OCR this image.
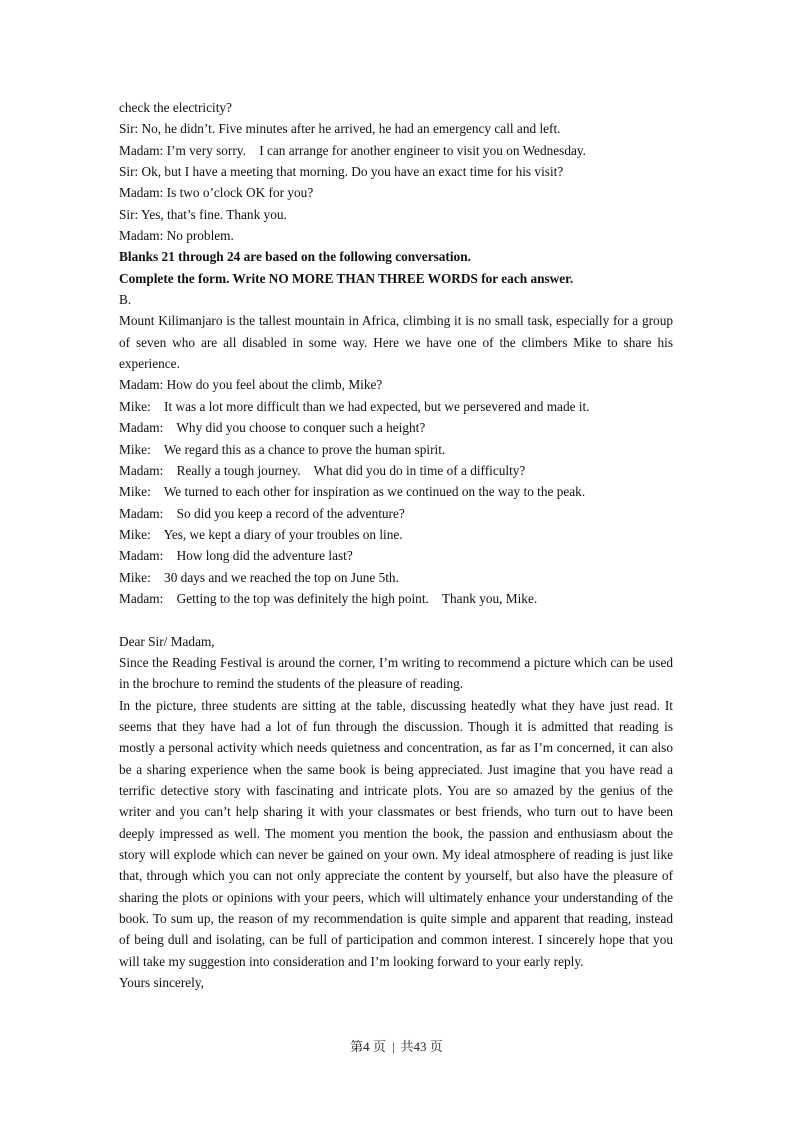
check the electricity?
Sir: No, he didn’t. Five minutes after he arrived, he had an emergency call and left.
Madam: I’m very sorry.    I can arrange for another engineer to visit you on Wednesday.
Sir: Ok, but I have a meeting that morning. Do you have an exact time for his visit?
Madam: Is two o’clock OK for you?
Sir: Yes, that’s fine. Thank you.
Madam: No problem.
Blanks 21 through 24 are based on the following conversation.
Complete the form. Write NO MORE THAN THREE WORDS for each answer.
B.
Mount Kilimanjaro is the tallest mountain in Africa, climbing it is no small task, especially for a group of seven who are all disabled in some way. Here we have one of the climbers Mike to share his experience.
Madam: How do you feel about the climb, Mike?
Mike:    It was a lot more difficult than we had expected, but we persevered and made it.
Madam:    Why did you choose to conquer such a height?
Mike:    We regard this as a chance to prove the human spirit.
Madam:    Really a tough journey.    What did you do in time of a difficulty?
Mike:    We turned to each other for inspiration as we continued on the way to the peak.
Madam:    So did you keep a record of the adventure?
Mike:    Yes, we kept a diary of your troubles on line.
Madam:    How long did the adventure last?
Mike:    30 days and we reached the top on June 5th.
Madam:    Getting to the top was definitely the high point.    Thank you, Mike.
Dear Sir/ Madam,
Since the Reading Festival is around the corner, I’m writing to recommend a picture which can be used in the brochure to remind the students of the pleasure of reading.
In the picture, three students are sitting at the table, discussing heatedly what they have just read. It seems that they have had a lot of fun through the discussion. Though it is admitted that reading is mostly a personal activity which needs quietness and concentration, as far as I’m concerned, it can also be a sharing experience when the same book is being appreciated. Just imagine that you have read a terrific detective story with fascinating and intricate plots. You are so amazed by the genius of the writer and you can’t help sharing it with your classmates or best friends, who turn out to have been deeply impressed as well. The moment you mention the book, the passion and enthusiasm about the story will explode which can never be gained on your own. My ideal atmosphere of reading is just like that, through which you can not only appreciate the content by yourself, but also have the pleasure of sharing the plots or opinions with your peers, which will ultimately enhance your understanding of the book. To sum up, the reason of my recommendation is quite simple and apparent that reading, instead of being dull and isolating, can be full of participation and common interest. I sincerely hope that you will take my suggestion into consideration and I’m looking forward to your early reply.
Yours sincerely,
第4 页 | 共43 页
